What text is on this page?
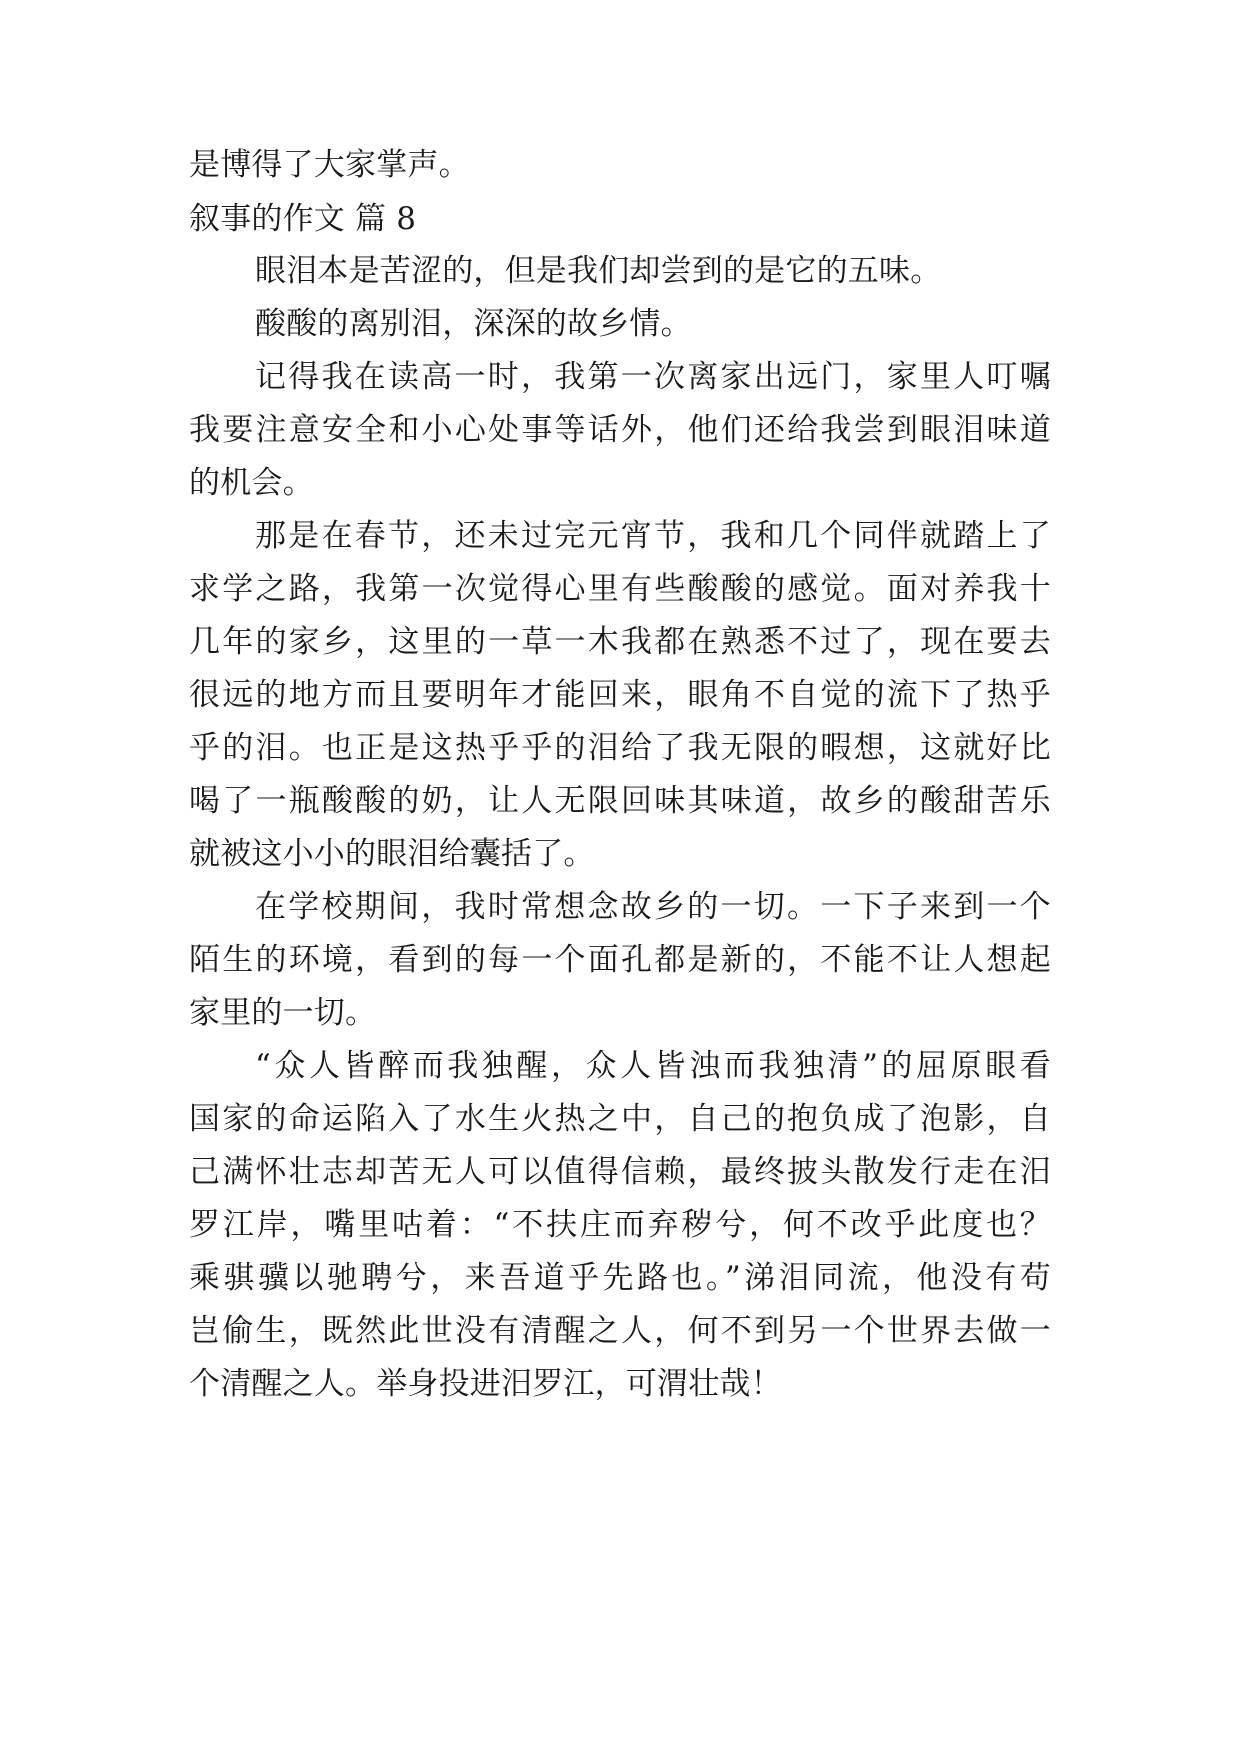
是博得了大家掌声。
叙事的作文 篇 8
眼泪本是苦涩的，但是我们却尝到的是它的五味。
酸酸的离别泪，深深的故乡情。
记得我在读高一时，我第一次离家出远门，家里人叮嘱
我要注意安全和小心处事等话外，他们还给我尝到眼泪味道
的机会。
那是在春节，还未过完元宵节，我和几个同伴就踏上了
求学之路，我第一次觉得心里有些酸酸的感觉。面对养我十
几年的家乡，这里的一草一木我都在熟悉不过了，现在要去
很远的地方而且要明年才能回来，眼角不自觉的流下了热乎
乎的泪。也正是这热乎乎的泪给了我无限的暇想，这就好比
喝了一瓶酸酸的奶，让人无限回味其味道，故乡的酸甜苦乐
就被这小小的眼泪给囊括了。
在学校期间，我时常想念故乡的一切。一下子来到一个
陌生的环境，看到的每一个面孔都是新的，不能不让人想起
家里的一切。
“众人皆醉而我独醒，众人皆浊而我独清”的屈原眼看
国家的命运陷入了水生火热之中，自己的抱负成了泡影，自
己满怀壮志却苦无人可以值得信赖，最终披头散发行走在汨
罗江岸，嘴里咕着：“不扶庄而弃秽兮，何不改乎此度也？
乘骐骥以驰聘兮，来吾道乎先路也。”涕泪同流，他没有苟
岂偷生，既然此世没有清醒之人，何不到另一个世界去做一
个清醒之人。举身投进汨罗江，可渭壮哉！
